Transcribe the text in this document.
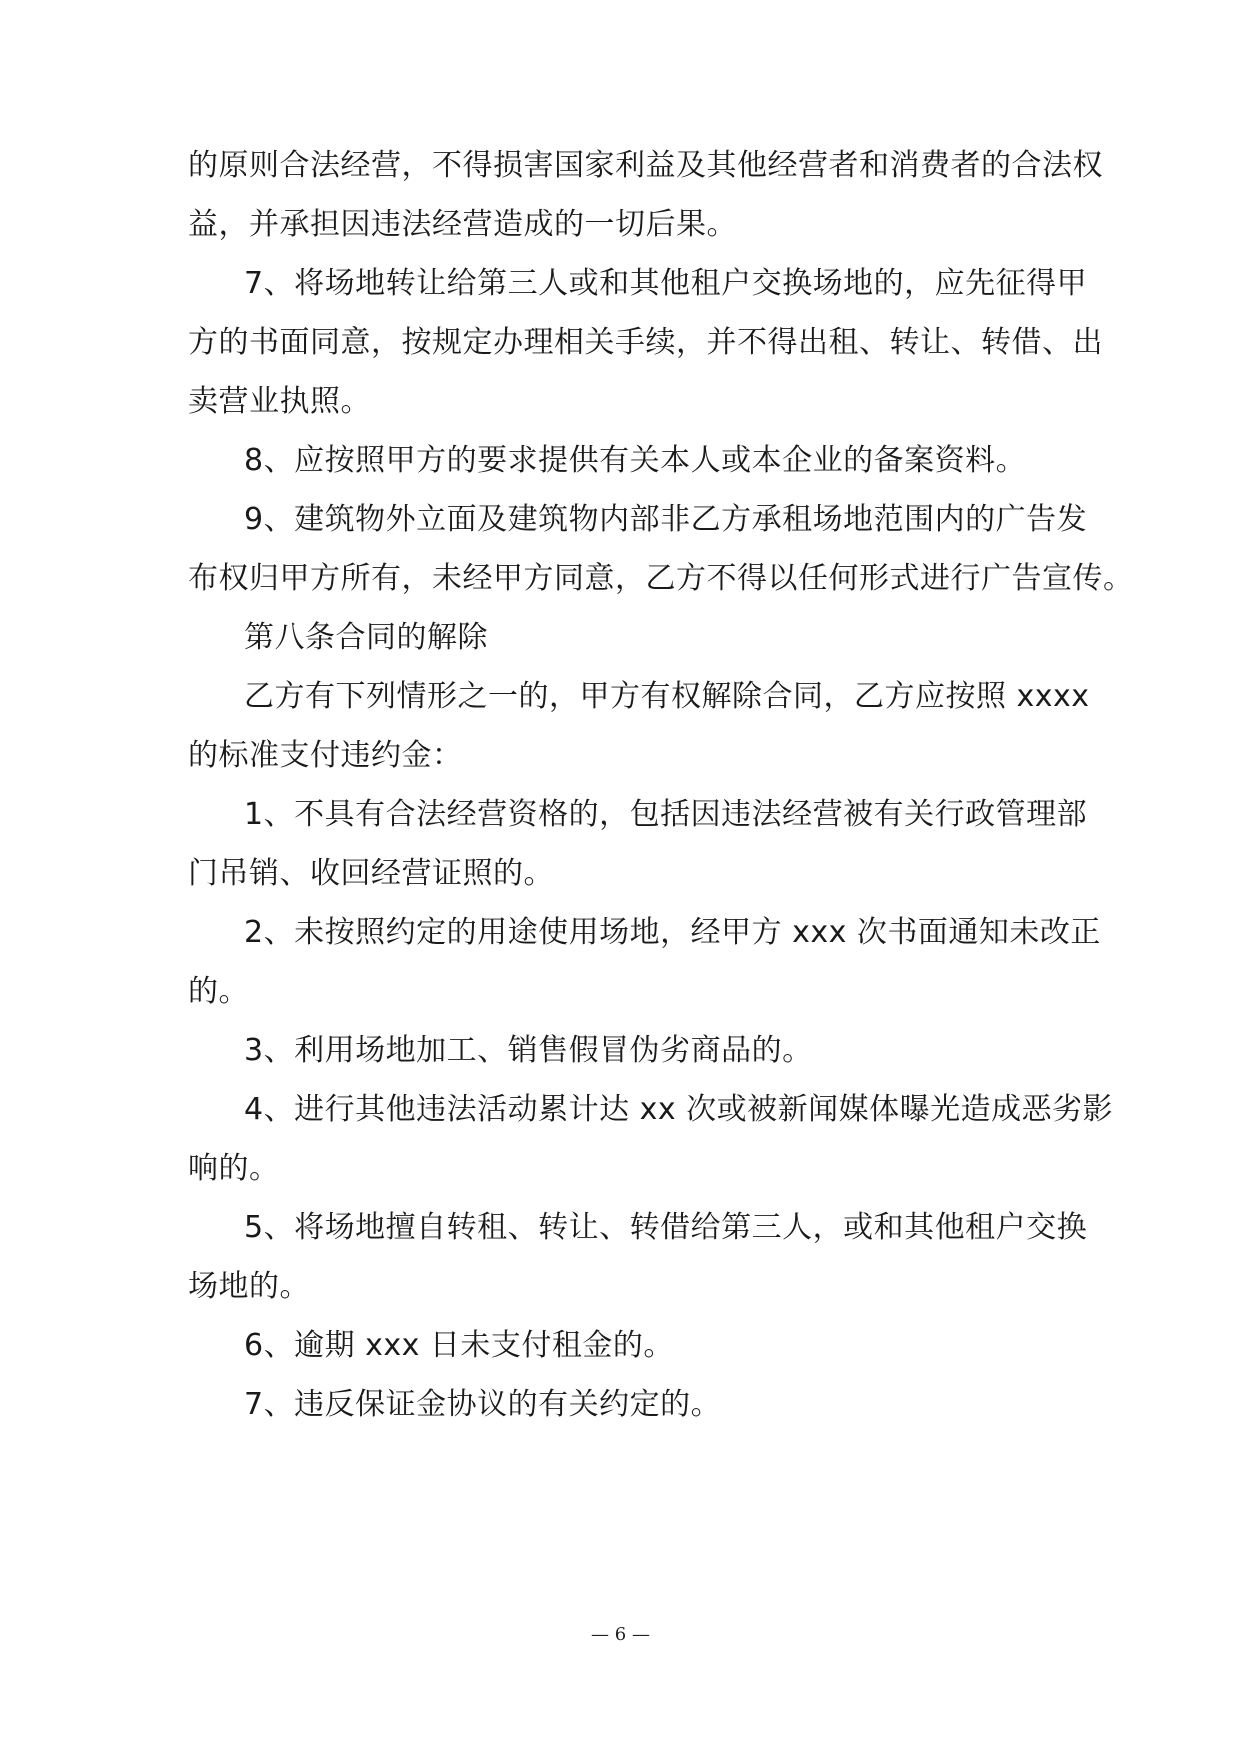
的原则合法经营，不得损害国家利益及其他经营者和消费者的合法权
益，并承担因违法经营造成的一切后果。
7、将场地转让给第三人或和其他租户交换场地的，应先征得甲
方的书面同意，按规定办理相关手续，并不得出租、转让、转借、出
卖营业执照。
8、应按照甲方的要求提供有关本人或本企业的备案资料。
9、建筑物外立面及建筑物内部非乙方承租场地范围内的广告发
布权归甲方所有，未经甲方同意，乙方不得以任何形式进行广告宣传。
第八条合同的解除
乙方有下列情形之一的，甲方有权解除合同，乙方应按照 xxxx
的标准支付违约金：
1、不具有合法经营资格的，包括因违法经营被有关行政管理部
门吊销、收回经营证照的。
2、未按照约定的用途使用场地，经甲方 xxx 次书面通知未改正
的。
3、利用场地加工、销售假冒伪劣商品的。
4、进行其他违法活动累计达 xx 次或被新闻媒体曝光造成恶劣影
响的。
5、将场地擅自转租、转让、转借给第三人，或和其他租户交换
场地的。
6、逾期 xxx 日未支付租金的。
7、违反保证金协议的有关约定的。
— 6 —
